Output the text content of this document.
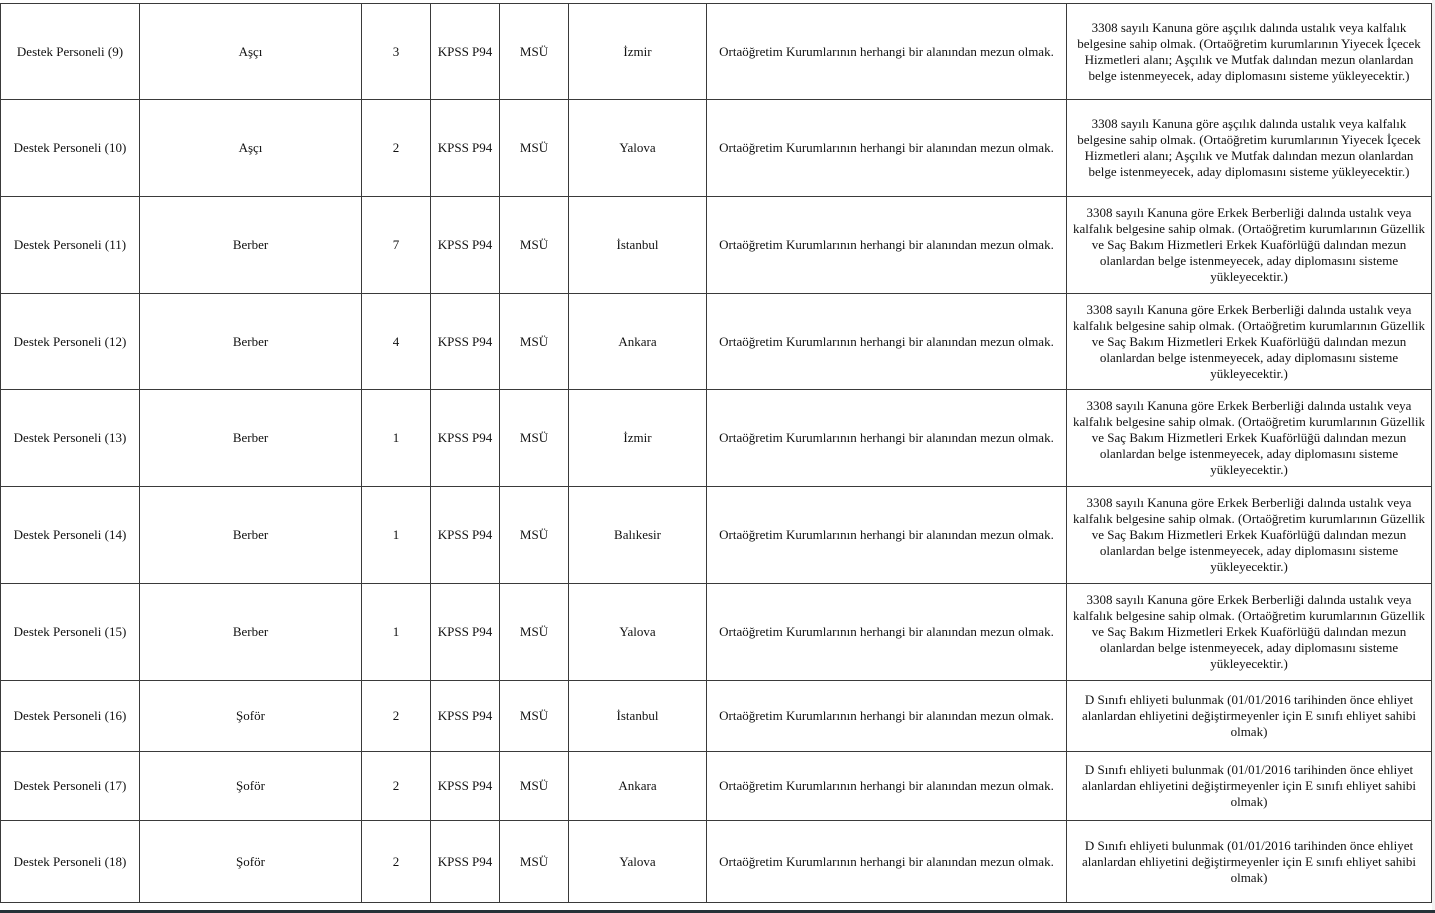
Destek Personeli (9)	Aşçı	3	KPSS P94	MSÜ	İzmir	Ortaöğretim Kurumlarının herhangi bir alanından mezun olmak.	3308 sayılı Kanuna göre aşçılık dalında ustalık veya kalfalık belgesine sahip olmak. (Ortaöğretim kurumlarının Yiyecek İçecek Hizmetleri alanı; Aşçılık ve Mutfak dalından mezun olanlardan belge istenmeyecek, aday diplomasını sisteme yükleyecektir.)
Destek Personeli (10)	Aşçı	2	KPSS P94	MSÜ	Yalova	Ortaöğretim Kurumlarının herhangi bir alanından mezun olmak.	3308 sayılı Kanuna göre aşçılık dalında ustalık veya kalfalık belgesine sahip olmak. (Ortaöğretim kurumlarının Yiyecek İçecek Hizmetleri alanı; Aşçılık ve Mutfak dalından mezun olanlardan belge istenmeyecek, aday diplomasını sisteme yükleyecektir.)
Destek Personeli (11)	Berber	7	KPSS P94	MSÜ	İstanbul	Ortaöğretim Kurumlarının herhangi bir alanından mezun olmak.	3308 sayılı Kanuna göre Erkek Berberliği dalında ustalık veya kalfalık belgesine sahip olmak. (Ortaöğretim kurumlarının Güzellik ve Saç Bakım Hizmetleri Erkek Kuaförlüğü dalından mezun olanlardan belge istenmeyecek, aday diplomasını sisteme yükleyecektir.)
Destek Personeli (12)	Berber	4	KPSS P94	MSÜ	Ankara	Ortaöğretim Kurumlarının herhangi bir alanından mezun olmak.	3308 sayılı Kanuna göre Erkek Berberliği dalında ustalık veya kalfalık belgesine sahip olmak. (Ortaöğretim kurumlarının Güzellik ve Saç Bakım Hizmetleri Erkek Kuaförlüğü dalından mezun olanlardan belge istenmeyecek, aday diplomasını sisteme yükleyecektir.)
Destek Personeli (13)	Berber	1	KPSS P94	MSÜ	İzmir	Ortaöğretim Kurumlarının herhangi bir alanından mezun olmak.	3308 sayılı Kanuna göre Erkek Berberliği dalında ustalık veya kalfalık belgesine sahip olmak. (Ortaöğretim kurumlarının Güzellik ve Saç Bakım Hizmetleri Erkek Kuaförlüğü dalından mezun olanlardan belge istenmeyecek, aday diplomasını sisteme yükleyecektir.)
Destek Personeli (14)	Berber	1	KPSS P94	MSÜ	Balıkesir	Ortaöğretim Kurumlarının herhangi bir alanından mezun olmak.	3308 sayılı Kanuna göre Erkek Berberliği dalında ustalık veya kalfalık belgesine sahip olmak. (Ortaöğretim kurumlarının Güzellik ve Saç Bakım Hizmetleri Erkek Kuaförlüğü dalından mezun olanlardan belge istenmeyecek, aday diplomasını sisteme yükleyecektir.)
Destek Personeli (15)	Berber	1	KPSS P94	MSÜ	Yalova	Ortaöğretim Kurumlarının herhangi bir alanından mezun olmak.	3308 sayılı Kanuna göre Erkek Berberliği dalında ustalık veya kalfalık belgesine sahip olmak. (Ortaöğretim kurumlarının Güzellik ve Saç Bakım Hizmetleri Erkek Kuaförlüğü dalından mezun olanlardan belge istenmeyecek, aday diplomasını sisteme yükleyecektir.)
Destek Personeli (16)	Şoför	2	KPSS P94	MSÜ	İstanbul	Ortaöğretim Kurumlarının herhangi bir alanından mezun olmak.	D Sınıfı ehliyeti bulunmak (01/01/2016 tarihinden önce ehliyet alanlardan ehliyetini değiştirmeyenler için E sınıfı ehliyet sahibi olmak)
Destek Personeli (17)	Şoför	2	KPSS P94	MSÜ	Ankara	Ortaöğretim Kurumlarının herhangi bir alanından mezun olmak.	D Sınıfı ehliyeti bulunmak (01/01/2016 tarihinden önce ehliyet alanlardan ehliyetini değiştirmeyenler için E sınıfı ehliyet sahibi olmak)
Destek Personeli (18)	Şoför	2	KPSS P94	MSÜ	Yalova	Ortaöğretim Kurumlarının herhangi bir alanından mezun olmak.	D Sınıfı ehliyeti bulunmak (01/01/2016 tarihinden önce ehliyet alanlardan ehliyetini değiştirmeyenler için E sınıfı ehliyet sahibi olmak)
